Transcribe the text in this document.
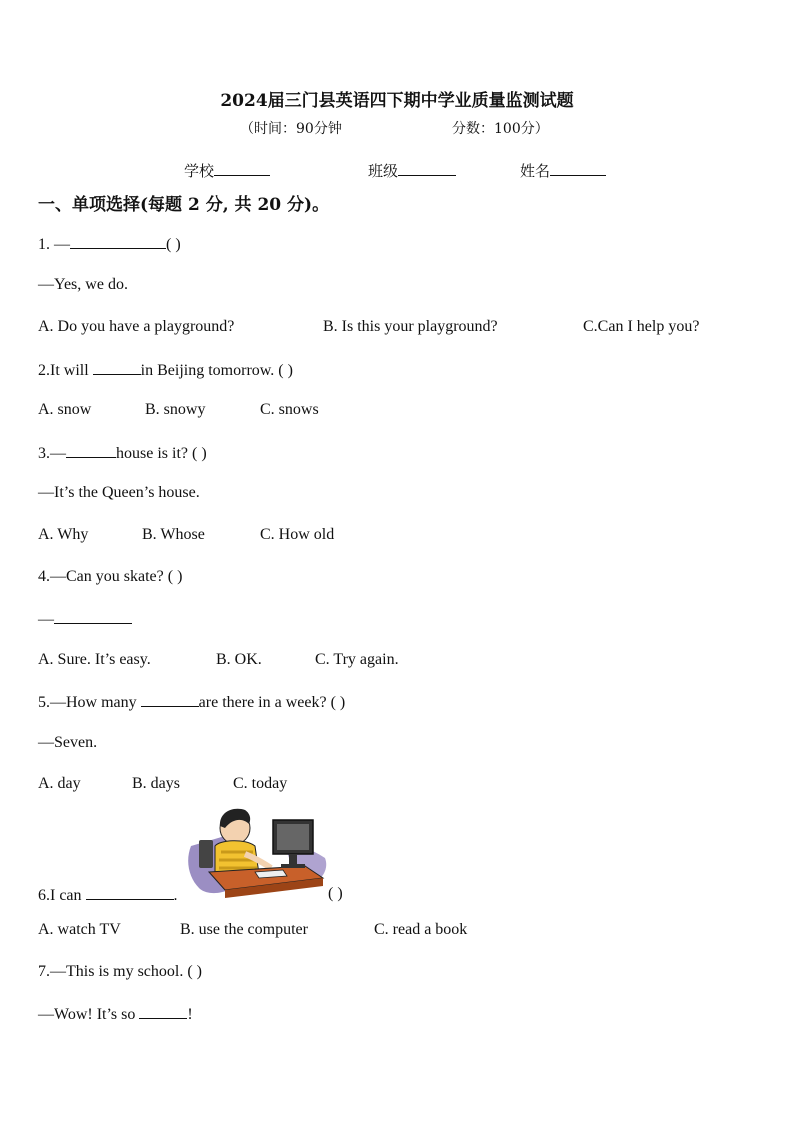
2024届三门县英语四下期中学业质量监测试题
（时间：90分钟	分数：100分）
学校	班级	姓名
一、单项选择(每题 2 分, 共 20 分)。
1. —	( )
—Yes, we do.
A. Do you have a playground?	B. Is this your playground?	C.Can I help you?
2.It will	in Beijing tomorrow. ( )
A. snow	B. snowy	C. snows
3.—	house is it? ( )
—It’s the Queen’s house.
A. Why	B. Whose	C. How old
4.—Can you skate? ( )
—
A. Sure. It’s easy.	B. OK.	C. Try again.
5.—How many	are there in a week? ( )
—Seven.
A. day	B. days	C. today
6.I can	.	( )
A. watch TV	B. use the computer	C. read a book
7.—This is my school. ( )
—Wow! It’s so	!
